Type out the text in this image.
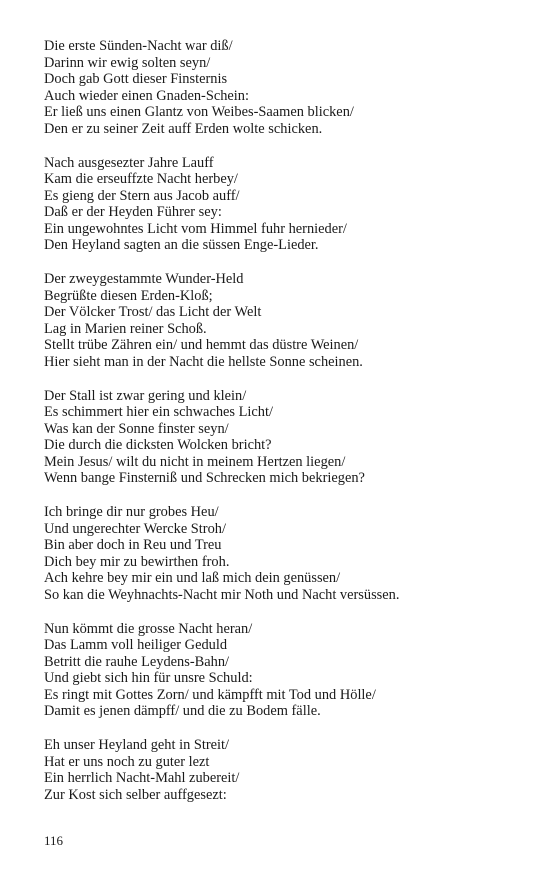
Die erste Sünden-Nacht war diß/
Darinn wir ewig solten seyn/
Doch gab Gott dieser Finsternis
Auch wieder einen Gnaden-Schein:
Er ließ uns einen Glantz von Weibes-Saamen blicken/
Den er zu seiner Zeit auff Erden wolte schicken.
Nach ausgesezter Jahre Lauff
Kam die erseuffzte Nacht herbey/
Es gieng der Stern aus Jacob auff/
Daß er der Heyden Führer sey:
Ein ungewohntes Licht vom Himmel fuhr hernieder/
Den Heyland sagten an die süssen Enge-Lieder.
Der zweygestammte Wunder-Held
Begrüßte diesen Erden-Kloß;
Der Völcker Trost/ das Licht der Welt
Lag in Marien reiner Schoß.
Stellt trübe Zähren ein/ und hemmt das düstre Weinen/
Hier sieht man in der Nacht die hellste Sonne scheinen.
Der Stall ist zwar gering und klein/
Es schimmert hier ein schwaches Licht/
Was kan der Sonne finster seyn/
Die durch die dicksten Wolcken bricht?
Mein Jesus/ wilt du nicht in meinem Hertzen liegen/
Wenn bange Finsterniß und Schrecken mich bekriegen?
Ich bringe dir nur grobes Heu/
Und ungerechter Wercke Stroh/
Bin aber doch in Reu und Treu
Dich bey mir zu bewirthen froh.
Ach kehre bey mir ein und laß mich dein genüssen/
So kan die Weyhnachts-Nacht mir Noth und Nacht versüssen.
Nun kömmt die grosse Nacht heran/
Das Lamm voll heiliger Geduld
Betritt die rauhe Leydens-Bahn/
Und giebt sich hin für unsre Schuld:
Es ringt mit Gottes Zorn/ und kämpfft mit Tod und Hölle/
Damit es jenen dämpff/ und die zu Bodem fälle.
Eh unser Heyland geht in Streit/
Hat er uns noch zu guter lezt
Ein herrlich Nacht-Mahl zubereit/
Zur Kost sich selber auffgesezt:
116
